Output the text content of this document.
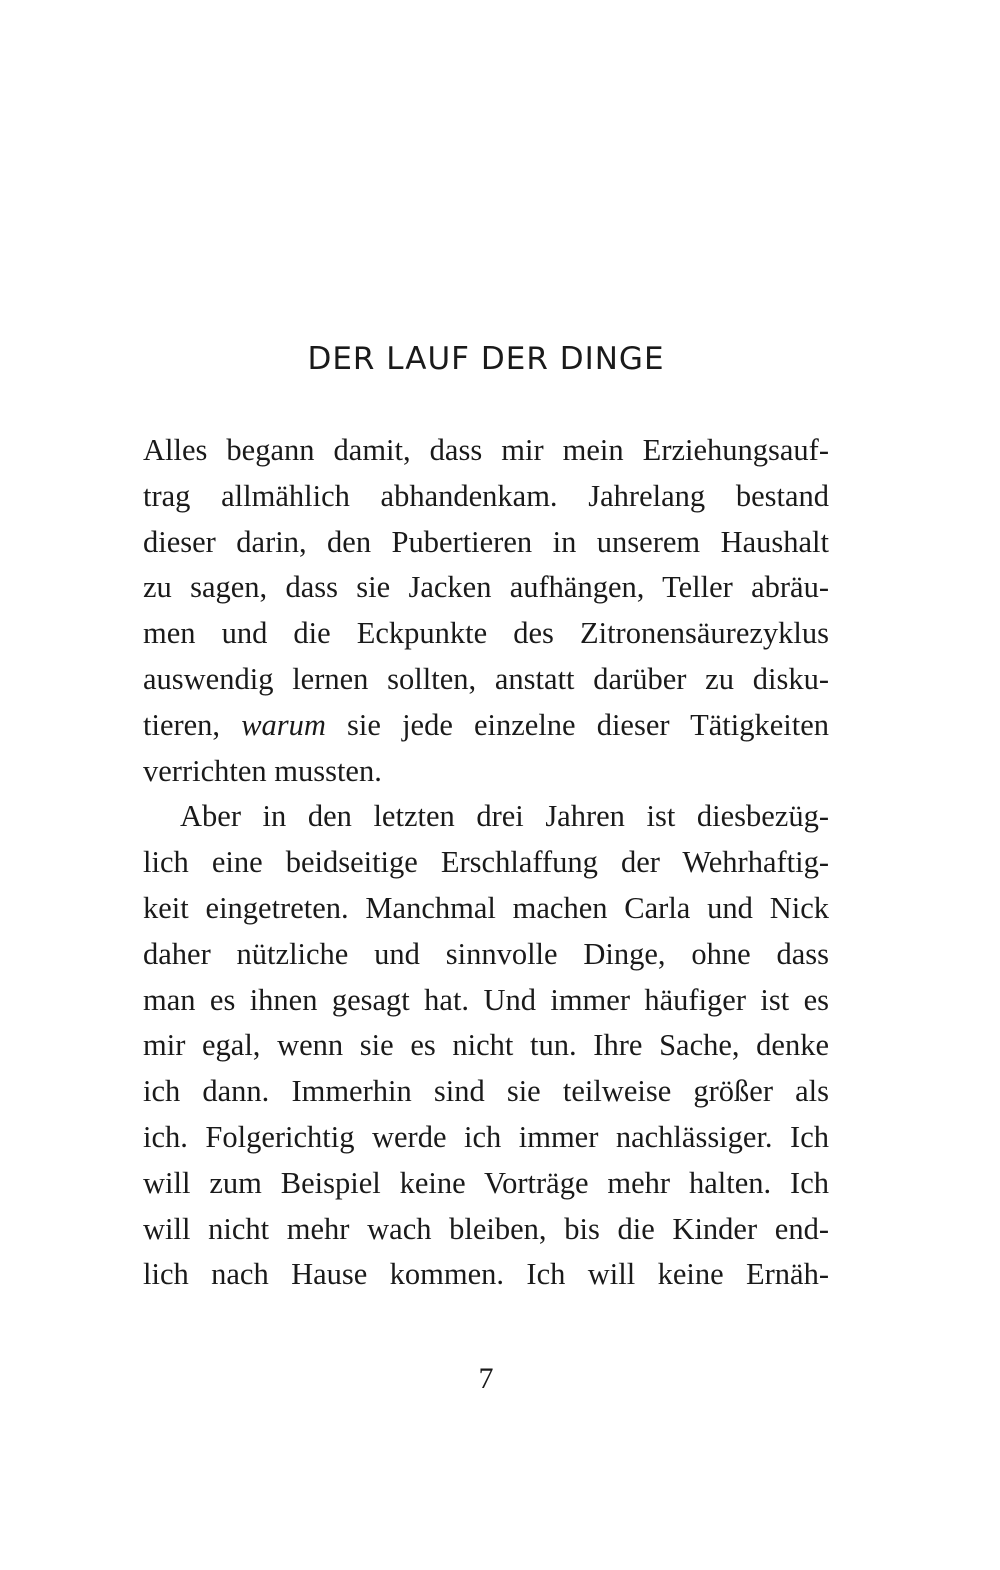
DER LAUF DER DINGE
Alles begann damit, dass mir mein Erziehungsauf-
trag allmählich abhandenkam. Jahrelang bestand
dieser darin, den Pubertieren in unserem Haushalt
zu sagen, dass sie Jacken aufhängen, Teller abräu-
men und die Eckpunkte des Zitronensäurezyklus
auswendig lernen sollten, anstatt darüber zu disku-
tieren, warum sie jede einzelne dieser Tätigkeiten
verrichten mussten.
Aber in den letzten drei Jahren ist diesbezüg-
lich eine beidseitige Erschlaffung der Wehrhaftig-
keit eingetreten. Manchmal machen Carla und Nick
daher nützliche und sinnvolle Dinge, ohne dass
man es ihnen gesagt hat. Und immer häufiger ist es
mir egal, wenn sie es nicht tun. Ihre Sache, denke
ich dann. Immerhin sind sie teilweise größer als
ich. Folgerichtig werde ich immer nachlässiger. Ich
will zum Beispiel keine Vorträge mehr halten. Ich
will nicht mehr wach bleiben, bis die Kinder end-
lich nach Hause kommen. Ich will keine Ernäh-
7
